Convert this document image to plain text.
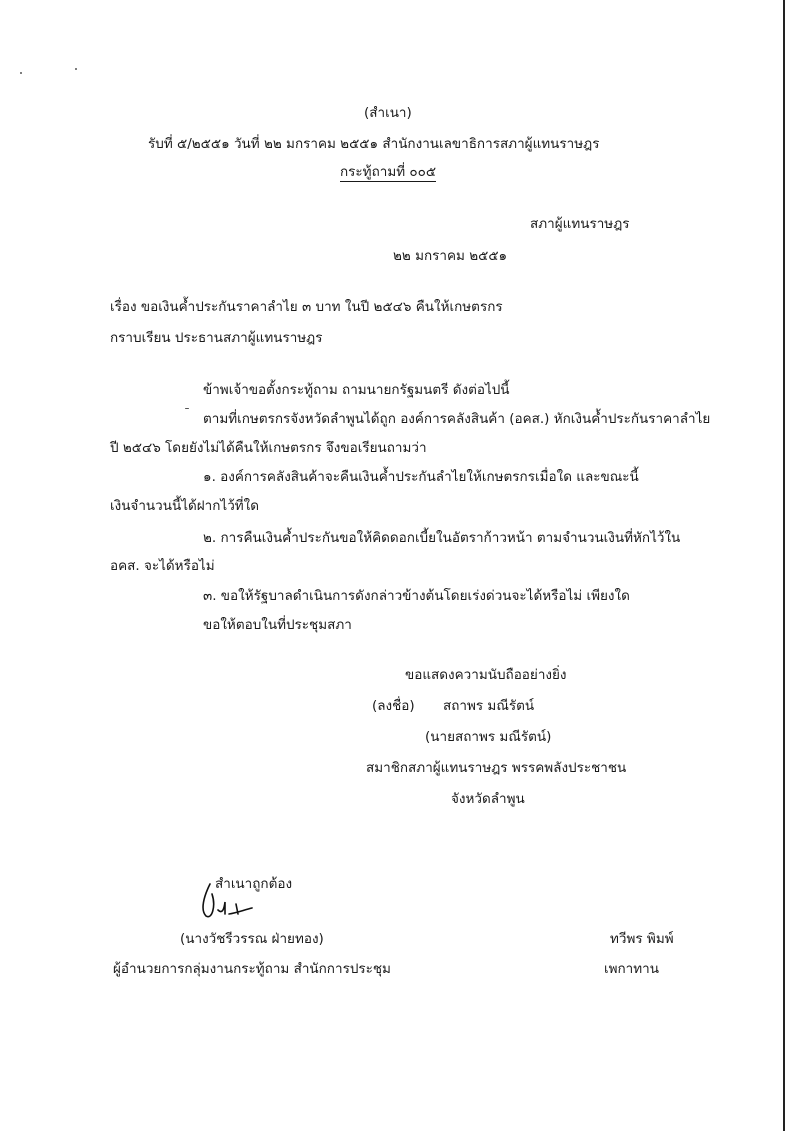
(สำเนา)
รับที่ ๕/๒๕๕๑ วันที่ ๒๒ มกราคม ๒๕๕๑ สำนักงานเลขาธิการสภาผู้แทนราษฎร
กระทู้ถามที่ ๐๐๕
สภาผู้แทนราษฎร
๒๒ มกราคม ๒๕๕๑
เรื่อง ขอเงินค้ำประกันราคาลำไย ๓ บาท ในปี ๒๕๔๖ คืนให้เกษตรกร
กราบเรียน ประธานสภาผู้แทนราษฎร
ข้าพเจ้าขอตั้งกระทู้ถาม ถามนายกรัฐมนตรี ดังต่อไปนี้
ตามที่เกษตรกรจังหวัดลำพูนได้ถูก องค์การคลังสินค้า (อคส.) หักเงินค้ำประกันราคาลำไย
ปี ๒๕๔๖ โดยยังไม่ได้คืนให้เกษตรกร จึงขอเรียนถามว่า
๑. องค์การคลังสินค้าจะคืนเงินค้ำประกันลำไยให้เกษตรกรเมื่อใด และขณะนี้
เงินจำนวนนี้ได้ฝากไว้ที่ใด
๒. การคืนเงินค้ำประกันขอให้คิดดอกเบี้ยในอัตราก้าวหน้า ตามจำนวนเงินที่หักไว้ใน
อคส. จะได้หรือไม่
๓. ขอให้รัฐบาลดำเนินการดังกล่าวข้างต้นโดยเร่งด่วนจะได้หรือไม่ เพียงใด
ขอให้ตอบในที่ประชุมสภา
ขอแสดงความนับถืออย่างยิ่ง
(ลงชื่อ) สถาพร มณีรัตน์
(นายสถาพร มณีรัตน์)
สมาชิกสภาผู้แทนราษฎร พรรคพลังประชาชน
จังหวัดลำพูน
สำเนาถูกต้อง
(นางวัชรีวรรณ ฝ่ายทอง)
ผู้อำนวยการกลุ่มงานกระทู้ถาม สำนักการประชุม
ทวีพร พิมพ์
เพกาทาน
